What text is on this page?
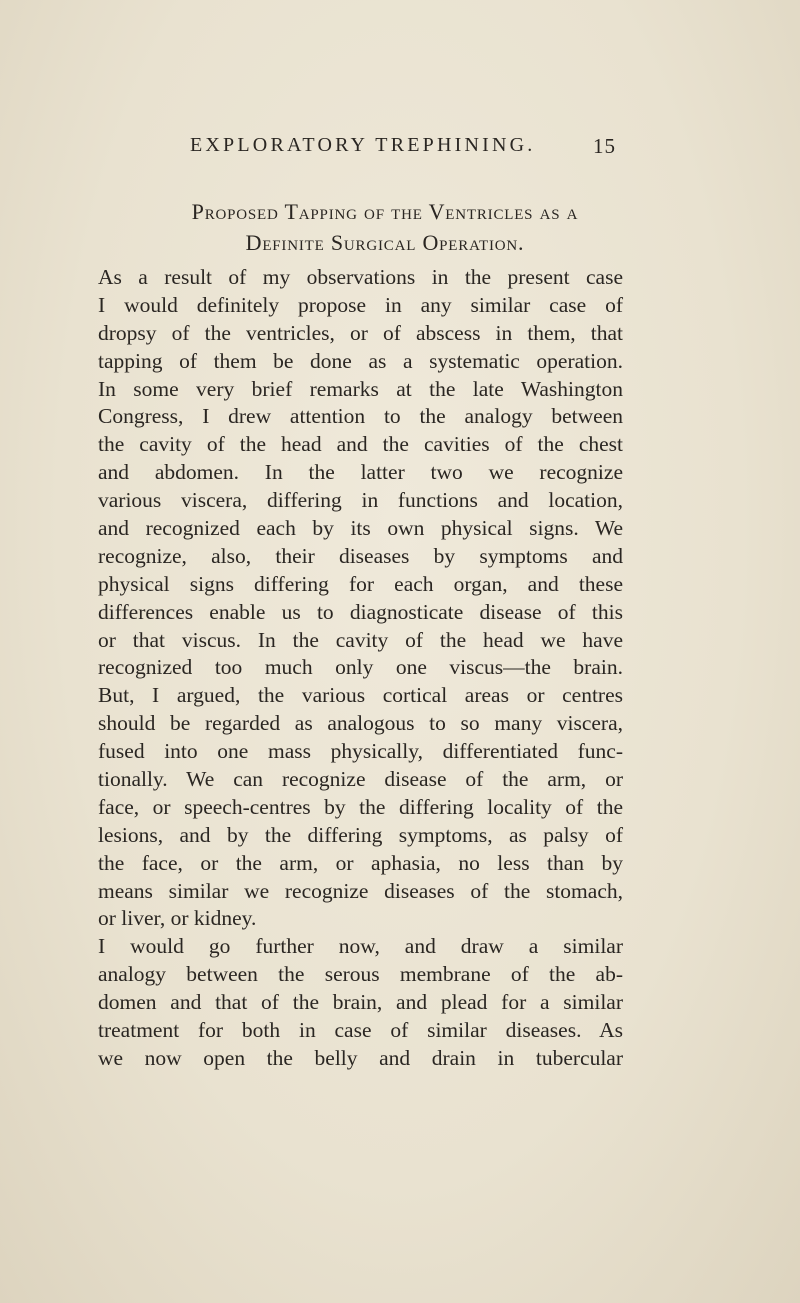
EXPLORATORY TREPHINING.	15
Proposed Tapping of the Ventricles as a
Definite Surgical Operation.
As a result of my observations in the present case
I would definitely propose in any similar case of
dropsy of the ventricles, or of abscess in them, that
tapping of them be done as a systematic operation.
In some very brief remarks at the late Washington
Congress, I drew attention to the analogy between
the cavity of the head and the cavities of the chest
and abdomen. In the latter two we recognize
various viscera, differing in functions and location,
and recognized each by its own physical signs. We
recognize, also, their diseases by symptoms and
physical signs differing for each organ, and these
differences enable us to diagnosticate disease of this
or that viscus. In the cavity of the head we have
recognized too much only one viscus—the brain.
But, I argued, the various cortical areas or centres
should be regarded as analogous to so many viscera,
fused into one mass physically, differentiated func-
tionally. We can recognize disease of the arm, or
face, or speech-centres by the differing locality of the
lesions, and by the differing symptoms, as palsy of
the face, or the arm, or aphasia, no less than by
means similar we recognize diseases of the stomach,
or liver, or kidney.
I would go further now, and draw a similar
analogy between the serous membrane of the ab-
domen and that of the brain, and plead for a similar
treatment for both in case of similar diseases. As
we now open the belly and drain in tubercular
